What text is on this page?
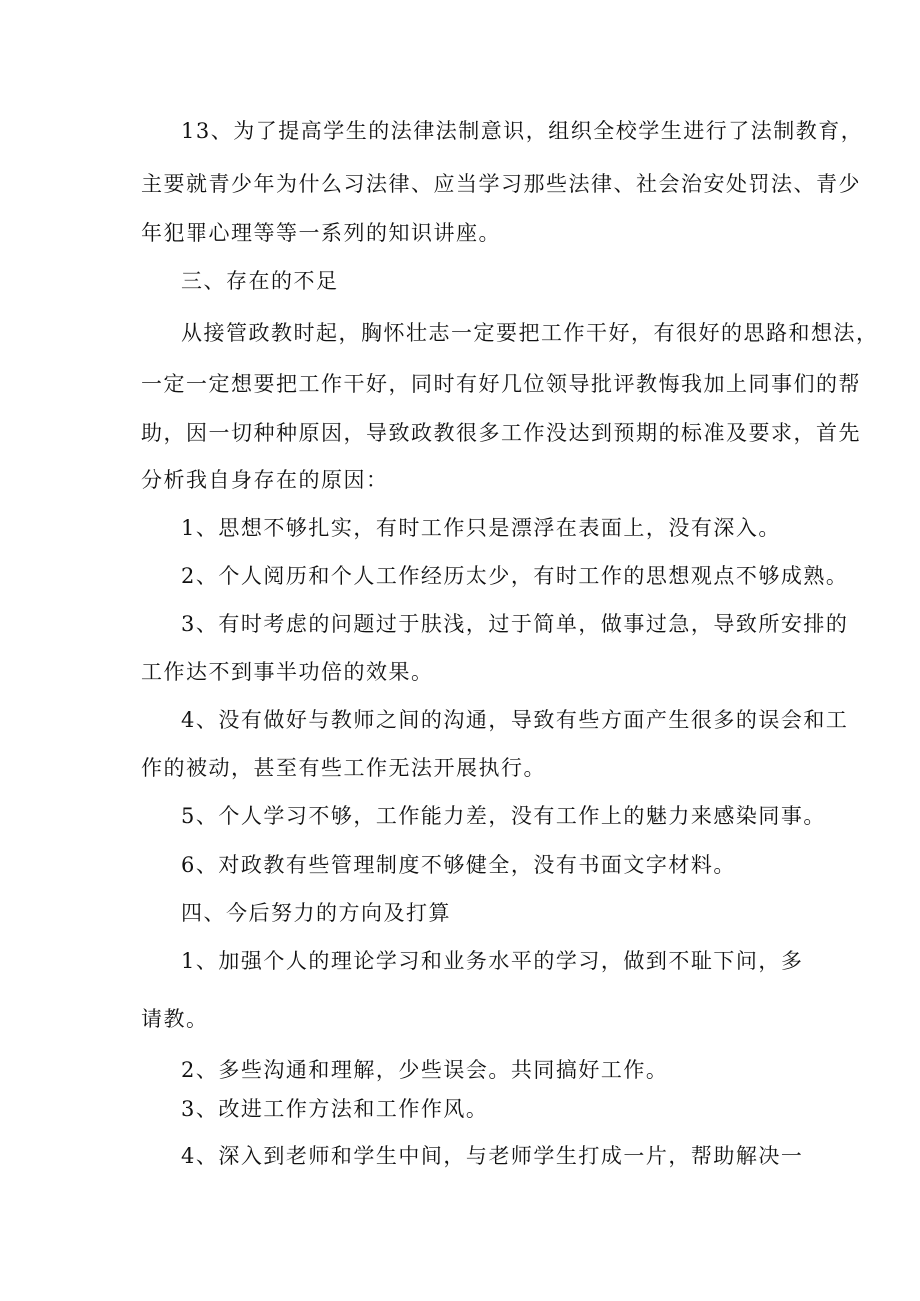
13、为了提高学生的法律法制意识，组织全校学生进行了法制教育，
主要就青少年为什么习法律、应当学习那些法律、社会治安处罚法、青少
年犯罪心理等等一系列的知识讲座。
三、存在的不足
从接管政教时起，胸怀壮志一定要把工作干好，有很好的思路和想法，
一定一定想要把工作干好，同时有好几位领导批评教悔我加上同事们的帮
助，因一切种种原因，导致政教很多工作没达到预期的标准及要求，首先
分析我自身存在的原因：
1、思想不够扎实，有时工作只是漂浮在表面上，没有深入。
2、个人阅历和个人工作经历太少，有时工作的思想观点不够成熟。
3、有时考虑的问题过于肤浅，过于简单，做事过急，导致所安排的
工作达不到事半功倍的效果。
4、没有做好与教师之间的沟通，导致有些方面产生很多的误会和工
作的被动，甚至有些工作无法开展执行。
5、个人学习不够，工作能力差，没有工作上的魅力来感染同事。
6、对政教有些管理制度不够健全，没有书面文字材料。
四、今后努力的方向及打算
1、加强个人的理论学习和业务水平的学习，做到不耻下问，多
请教。
2、多些沟通和理解，少些误会。共同搞好工作。
3、改进工作方法和工作作风。
4、深入到老师和学生中间，与老师学生打成一片，帮助解决一
